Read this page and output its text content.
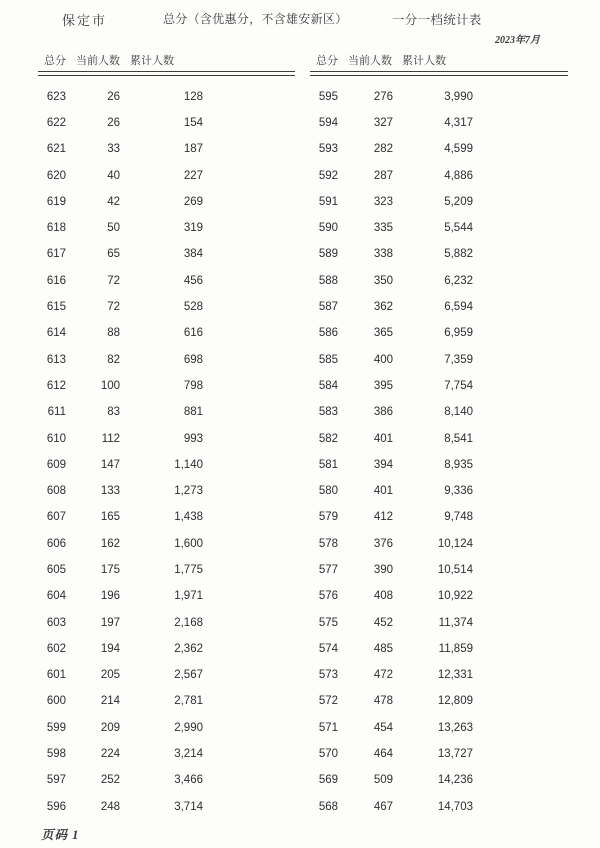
保定市	总分（含优惠分，不含雄安新区）	一分一档统计表
2023年7月
总分 当前人数 累计人数
623	26	128
622	26	154
621	33	187
620	40	227
619	42	269
618	50	319
617	65	384
616	72	456
615	72	528
614	88	616
613	82	698
612	100	798
611	83	881
610	112	993
609	147	1,140
608	133	1,273
607	165	1,438
606	162	1,600
605	175	1,775
604	196	1,971
603	197	2,168
602	194	2,362
601	205	2,567
600	214	2,781
599	209	2,990
598	224	3,214
597	252	3,466
596	248	3,714
总分 当前人数 累计人数
595	276	3,990
594	327	4,317
593	282	4,599
592	287	4,886
591	323	5,209
590	335	5,544
589	338	5,882
588	350	6,232
587	362	6,594
586	365	6,959
585	400	7,359
584	395	7,754
583	386	8,140
582	401	8,541
581	394	8,935
580	401	9,336
579	412	9,748
578	376	10,124
577	390	10,514
576	408	10,922
575	452	11,374
574	485	11,859
573	472	12,331
572	478	12,809
571	454	13,263
570	464	13,727
569	509	14,236
568	467	14,703
页码 1
